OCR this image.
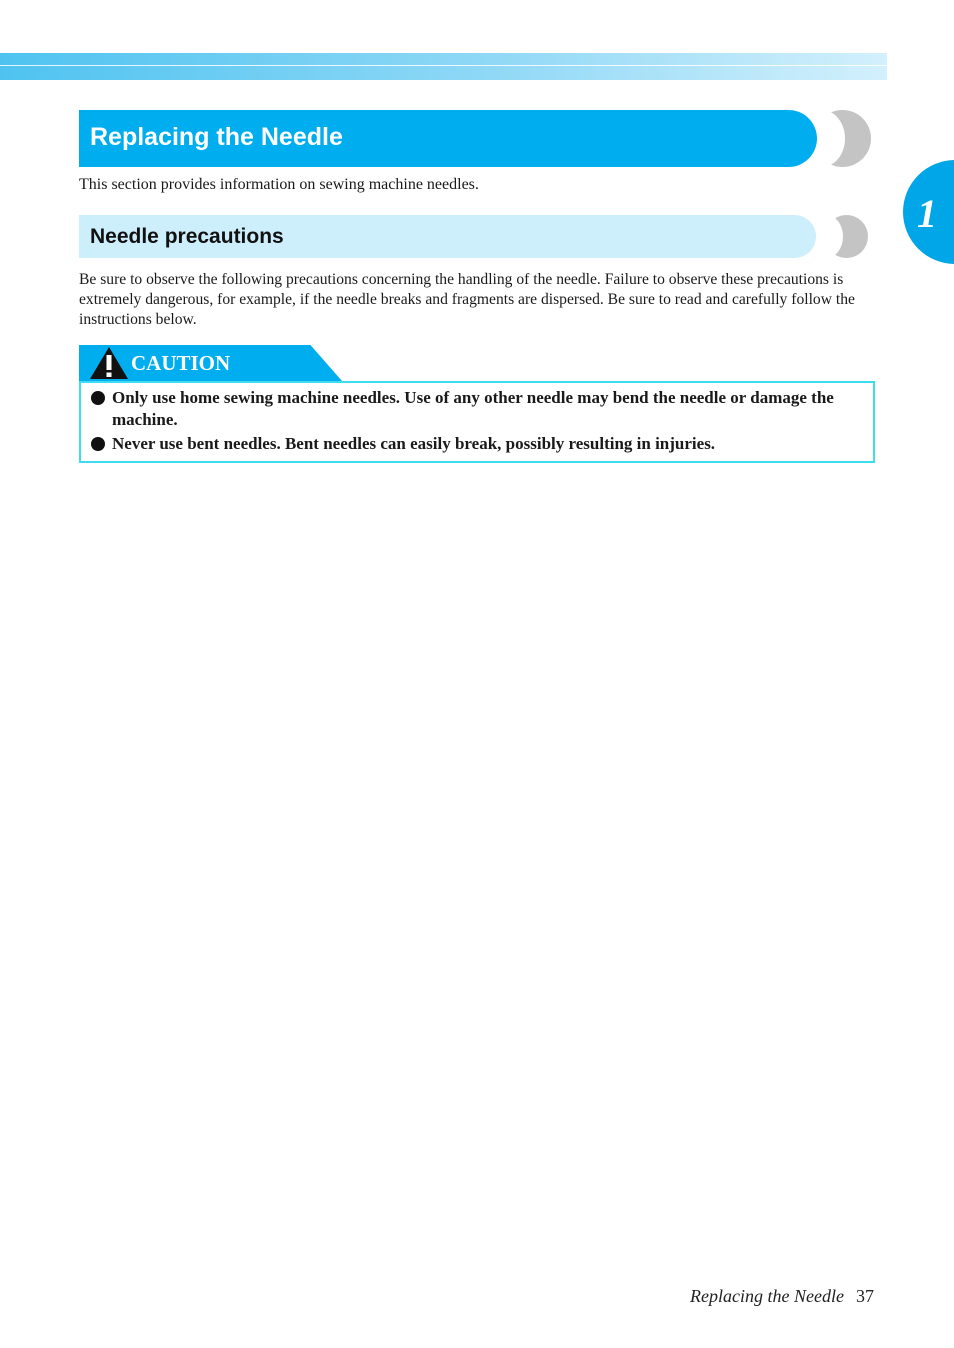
1
Replacing the Needle

This section provides information on sewing machine needles.

Needle precautions

Be sure to observe the following precautions concerning the handling of the needle. Failure to observe these precautions is extremely dangerous, for example, if the needle breaks and fragments are dispersed. Be sure to read and carefully follow the instructions below.

CAUTION

Only use home sewing machine needles. Use of any other needle may bend the needle or damage the machine.

Never use bent needles. Bent needles can easily break, possibly resulting in injuries.

Replacing the Needle 37
